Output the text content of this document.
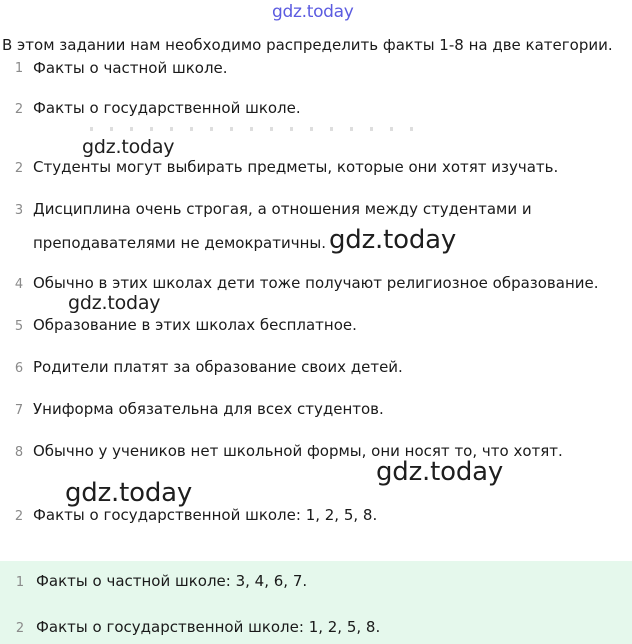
gdz.today
В этом задании нам необходимо распределить факты 1-8 на две категории.
1 Факты о частной школе.
2 Факты о государственной школе.
gdz.today
2 Студенты могут выбирать предметы, которые они хотят изучать.
3 Дисциплина очень строгая, а отношения между студентами и
преподавателями не демократичны. gdz.today
4 Обычно в этих школах дети тоже получают религиозное образование.
gdz.today
5 Образование в этих школах бесплатное.
6 Родители платят за образование своих детей.
7 Униформа обязательна для всех студентов.
8 Обычно у учеников нет школьной формы, они носят то, что хотят.
gdz.today
gdz.today
2 Факты о государственной школе: 1, 2, 5, 8.
1 Факты о частной школе: 3, 4, 6, 7.
2 Факты о государственной школе: 1, 2, 5, 8.
